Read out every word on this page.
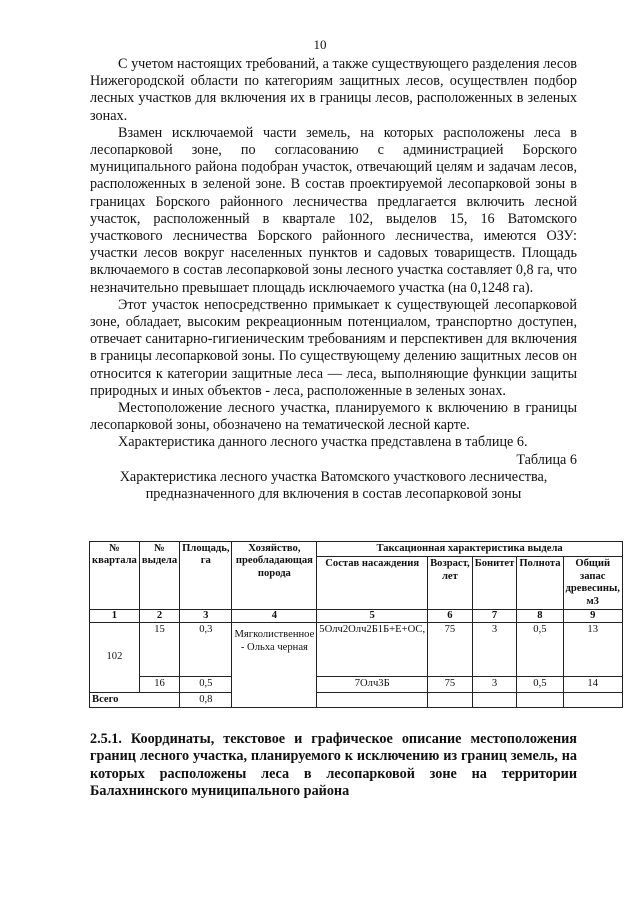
10

С учетом настоящих требований, а также существующего разделения лесов Нижегородской области по категориям защитных лесов, осуществлен подбор лесных участков для включения их в границы лесов, расположенных в зеленых зонах.

Взамен исключаемой части земель, на которых расположены леса в лесопарковой зоне, по согласованию с администрацией Борского муниципального района подобран участок, отвечающий целям и задачам лесов, расположенных в зеленой зоне. В состав проектируемой лесопарковой зоны в границах Борского районного лесничества предлагается включить лесной участок, расположенный в квартале 102, выделов 15, 16 Ватомского участкового лесничества Борского районного лесничества, имеются ОЗУ: участки лесов вокруг населенных пунктов и садовых товариществ. Площадь включаемого в состав лесопарковой зоны лесного участка составляет 0,8 га, что незначительно превышает площадь исключаемого участка (на 0,1248 га).

Этот участок непосредственно примыкает к существующей лесопарковой зоне, обладает, высоким рекреационным потенциалом, транспортно доступен, отвечает санитарно-гигиеническим требованиям и перспективен для включения в границы лесопарковой зоны. По существующему делению защитных лесов он относится к категории защитные леса — леса, выполняющие функции защиты природных и иных объектов - леса, расположенные в зеленых зонах.

Местоположение лесного участка, планируемого к включению в границы лесопарковой зоны, обозначено на тематической лесной карте.

Характеристика данного лесного участка представлена в таблице 6.

Таблица 6

Характеристика лесного участка Ватомского участкового лесничества, предназначенного для включения в состав лесопарковой зоны

№ квартала	№ выдела	Площадь, га	Хозяйство, преобладающая порода	Таксационная характеристика выдела				
				Состав насаждения	Возраст, лет	Бонитет	Полнота	Общий запас древесины, м3
1	2	3	4	5	6	7	8	9
102	15	0,3	Мягколиственное - Ольха черная	5Олч2Олч2Б1Б+Е+ОС,	75	3	0,5	13
	16	0,5		7Олч3Б	75	3	0,5	14
Всего		0,8						

2.5.1. Координаты, текстовое и графическое описание местоположения границ лесного участка, планируемого к исключению из границ земель, на которых расположены леса в лесопарковой зоне на территории Балахнинского муниципального района
